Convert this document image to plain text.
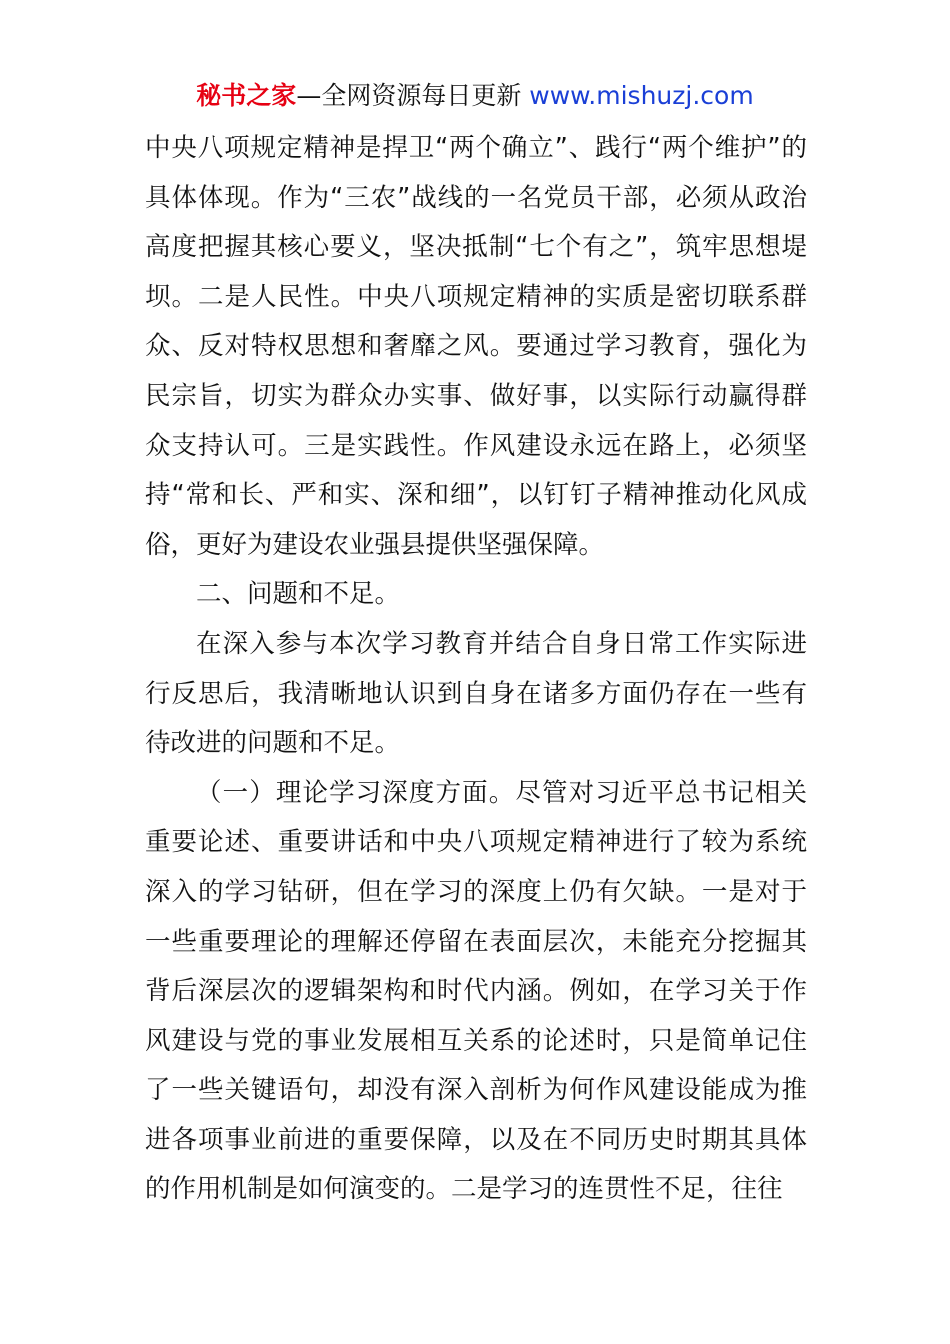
秘书之家—全网资源每日更新 www.mishuzj.com

中央八项规定精神是捍卫“两个确立”、践行“两个维护”的具体体现。作为“三农”战线的一名党员干部，必须从政治高度把握其核心要义，坚决抵制“七个有之”，筑牢思想堤坝。二是人民性。中央八项规定精神的实质是密切联系群众、反对特权思想和奢靡之风。要通过学习教育，强化为民宗旨，切实为群众办实事、做好事，以实际行动赢得群众支持认可。三是实践性。作风建设永远在路上，必须坚持“常和长、严和实、深和细”，以钉钉子精神推动化风成俗，更好为建设农业强县提供坚强保障。

二、问题和不足。

在深入参与本次学习教育并结合自身日常工作实际进行反思后，我清晰地认识到自身在诸多方面仍存在一些有待改进的问题和不足。

（一）理论学习深度方面。尽管对习近平总书记相关重要论述、重要讲话和中央八项规定精神进行了较为系统深入的学习钻研，但在学习的深度上仍有欠缺。一是对于一些重要理论的理解还停留在表面层次，未能充分挖掘其背后深层次的逻辑架构和时代内涵。例如，在学习关于作风建设与党的事业发展相互关系的论述时，只是简单记住了一些关键语句，却没有深入剖析为何作风建设能成为推进各项事业前进的重要保障，以及在不同历史时期其具体的作用机制是如何演变的。二是学习的连贯性不足，往往
